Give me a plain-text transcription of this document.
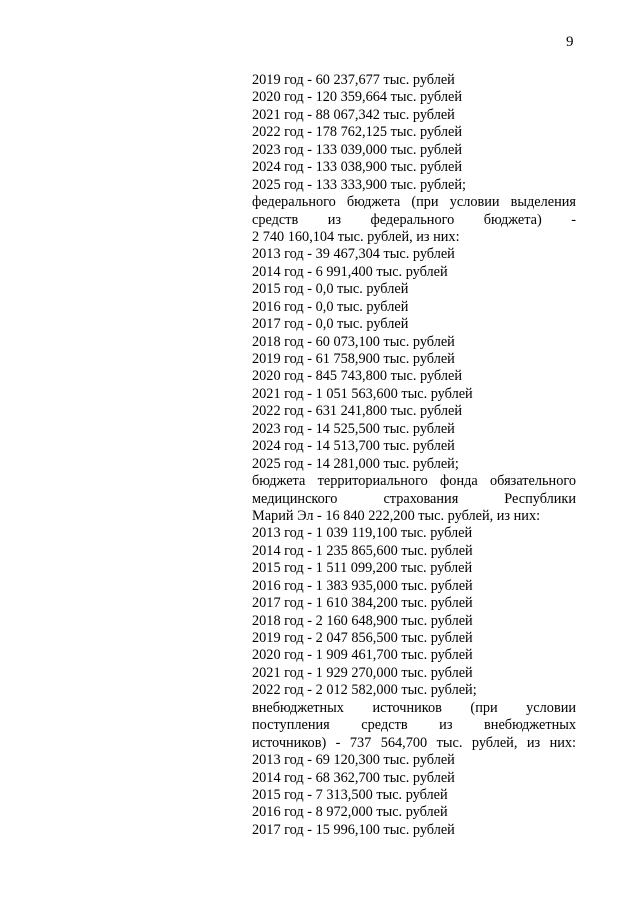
9
2019 год - 60 237,677 тыс. рублей
2020 год - 120 359,664 тыс. рублей
2021 год - 88 067,342 тыс. рублей
2022 год - 178 762,125 тыс. рублей
2023 год - 133 039,000 тыс. рублей
2024 год - 133 038,900 тыс. рублей
2025 год - 133 333,900 тыс. рублей;
федерального бюджета (при условии выделения
средств из федерального бюджета) -
2 740 160,104 тыс. рублей, из них:
2013 год - 39 467,304 тыс. рублей
2014 год - 6 991,400 тыс. рублей
2015 год - 0,0 тыс. рублей
2016 год - 0,0 тыс. рублей
2017 год - 0,0 тыс. рублей
2018 год - 60 073,100 тыс. рублей
2019 год - 61 758,900 тыс. рублей
2020 год - 845 743,800 тыс. рублей
2021 год - 1 051 563,600 тыс. рублей
2022 год - 631 241,800 тыс. рублей
2023 год - 14 525,500 тыс. рублей
2024 год - 14 513,700 тыс. рублей
2025 год - 14 281,000 тыс. рублей;
бюджета территориального фонда обязательного
медицинского страхования Республики
Марий Эл - 16 840 222,200 тыс. рублей, из них:
2013 год - 1 039 119,100 тыс. рублей
2014 год - 1 235 865,600 тыс. рублей
2015 год - 1 511 099,200 тыс. рублей
2016 год - 1 383 935,000 тыс. рублей
2017 год - 1 610 384,200 тыс. рублей
2018 год - 2 160 648,900 тыс. рублей
2019 год - 2 047 856,500 тыс. рублей
2020 год - 1 909 461,700 тыс. рублей
2021 год - 1 929 270,000 тыс. рублей
2022 год - 2 012 582,000 тыс. рублей;
внебюджетных источников (при условии
поступления средств из внебюджетных
источников) - 737 564,700 тыс. рублей, из них:
2013 год - 69 120,300 тыс. рублей
2014 год - 68 362,700 тыс. рублей
2015 год - 7 313,500 тыс. рублей
2016 год - 8 972,000 тыс. рублей
2017 год - 15 996,100 тыс. рублей
